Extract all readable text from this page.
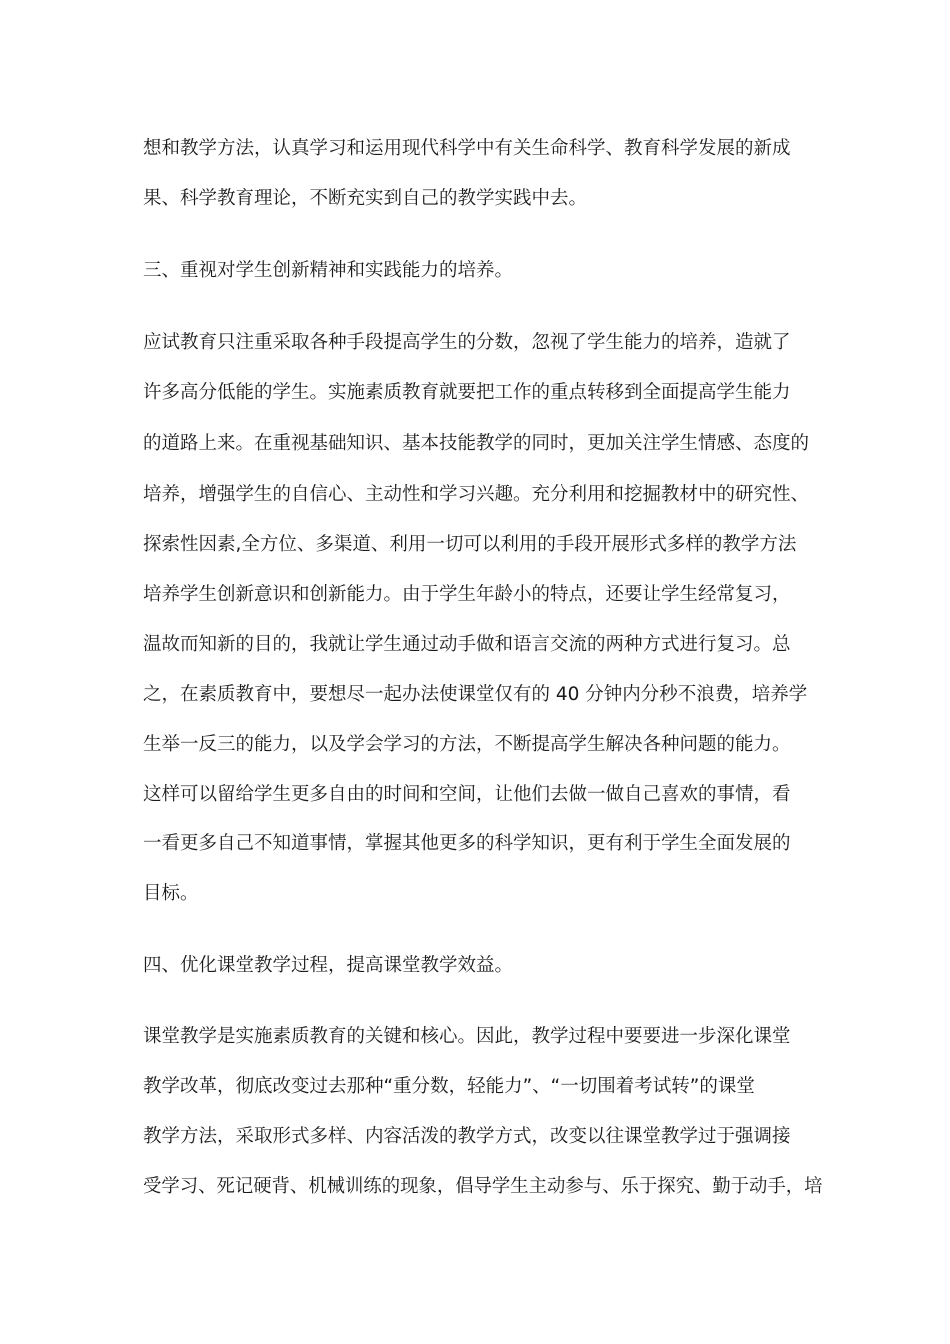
想和教学方法，认真学习和运用现代科学中有关生命科学、教育科学发展的新成
果、科学教育理论，不断充实到自己的教学实践中去。
三、重视对学生创新精神和实践能力的培养。
应试教育只注重采取各种手段提高学生的分数，忽视了学生能力的培养，造就了
许多高分低能的学生。实施素质教育就要把工作的重点转移到全面提高学生能力
的道路上来。在重视基础知识、基本技能教学的同时，更加关注学生情感、态度的
培养，增强学生的自信心、主动性和学习兴趣。充分利用和挖掘教材中的研究性、
探索性因素,全方位、多渠道、利用一切可以利用的手段开展形式多样的教学方法
培养学生创新意识和创新能力。由于学生年龄小的特点，还要让学生经常复习，
温故而知新的目的，我就让学生通过动手做和语言交流的两种方式进行复习。总
之，在素质教育中，要想尽一起办法使课堂仅有的 40 分钟内分秒不浪费，培养学
生举一反三的能力，以及学会学习的方法，不断提高学生解决各种问题的能力。
这样可以留给学生更多自由的时间和空间，让他们去做一做自己喜欢的事情，看
一看更多自己不知道事情，掌握其他更多的科学知识，更有利于学生全面发展的
目标。
四、优化课堂教学过程，提高课堂教学效益。
课堂教学是实施素质教育的关键和核心。因此，教学过程中要要进一步深化课堂
教学改革，彻底改变过去那种“重分数，轻能力”、“一切围着考试转”的课堂
教学方法，采取形式多样、内容活泼的教学方式，改变以往课堂教学过于强调接
受学习、死记硬背、机械训练的现象，倡导学生主动参与、乐于探究、勤于动手，培
